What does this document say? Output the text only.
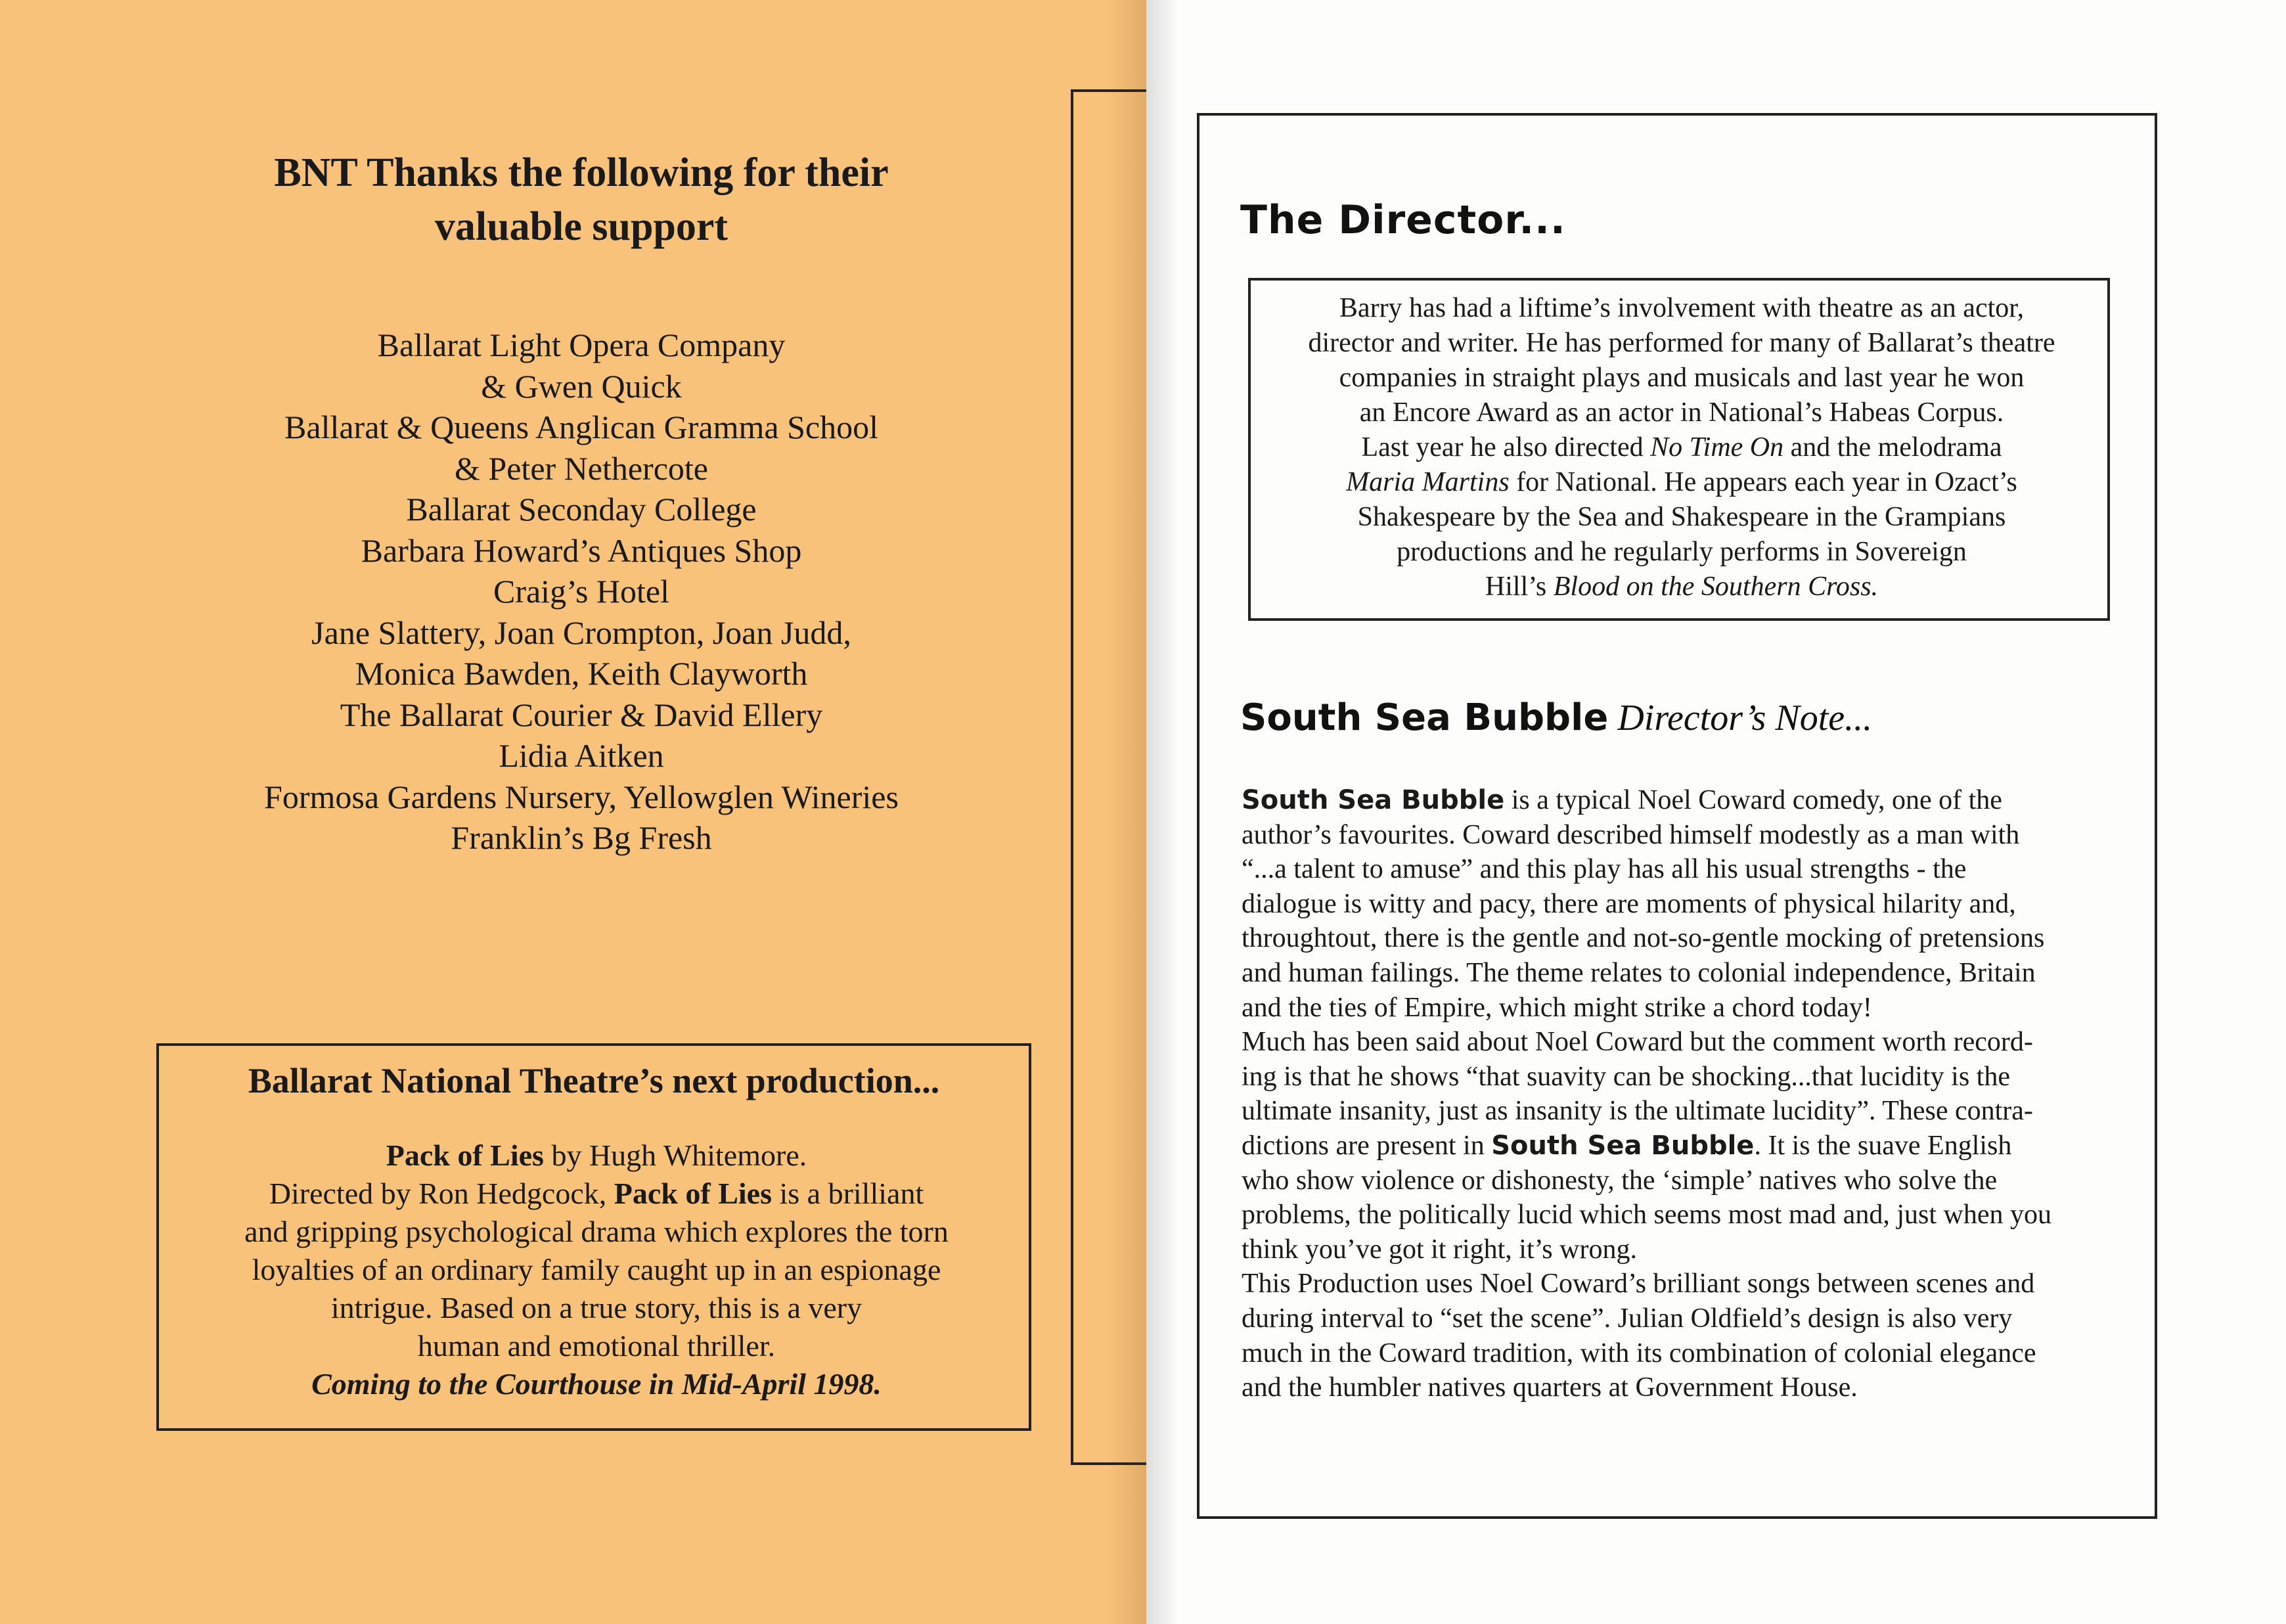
BNT Thanks the following for their
valuable support
Ballarat Light Opera Company
& Gwen Quick
Ballarat & Queens Anglican Gramma School
& Peter Nethercote
Ballarat Seconday College
Barbara Howard’s Antiques Shop
Craig’s Hotel
Jane Slattery, Joan Crompton, Joan Judd,
Monica Bawden, Keith Clayworth
The Ballarat Courier & David Ellery
Lidia Aitken
Formosa Gardens Nursery, Yellowglen Wineries
Franklin’s Bg Fresh
Ballarat National Theatre’s next production...
Pack of Lies by Hugh Whitemore.
Directed by Ron Hedgcock, Pack of Lies is a brilliant
and gripping psychological drama which explores the torn
loyalties of an ordinary family caught up in an espionage
intrigue. Based on a true story, this is a very
human and emotional thriller.
Coming to the Courthouse in Mid-April 1998.
The Director...
Barry has had a liftime’s involvement with theatre as an actor,
director and writer. He has performed for many of Ballarat’s theatre
companies in straight plays and musicals and last year he won
an Encore Award as an actor in National’s Habeas Corpus.
Last year he also directed No Time On and the melodrama
Maria Martins for National. He appears each year in Ozact’s
Shakespeare by the Sea and Shakespeare in the Grampians
productions and he regularly performs in Sovereign
Hill’s Blood on the Southern Cross.
South Sea Bubble Director’s Note...
South Sea Bubble is a typical Noel Coward comedy, one of the
author’s favourites. Coward described himself modestly as a man with
“...a talent to amuse” and this play has all his usual strengths - the
dialogue is witty and pacy, there are moments of physical hilarity and,
throughtout, there is the gentle and not-so-gentle mocking of pretensions
and human failings. The theme relates to colonial independence, Britain
and the ties of Empire, which might strike a chord today!
Much has been said about Noel Coward but the comment worth record-
ing is that he shows “that suavity can be shocking...that lucidity is the
ultimate insanity, just as insanity is the ultimate lucidity”. These contra-
dictions are present in South Sea Bubble. It is the suave English
who show violence or dishonesty, the ‘simple’ natives who solve the
problems, the politically lucid which seems most mad and, just when you
think you’ve got it right, it’s wrong.
This Production uses Noel Coward’s brilliant songs between scenes and
during interval to “set the scene”. Julian Oldfield’s design is also very
much in the Coward tradition, with its combination of colonial elegance
and the humbler natives quarters at Government House.
